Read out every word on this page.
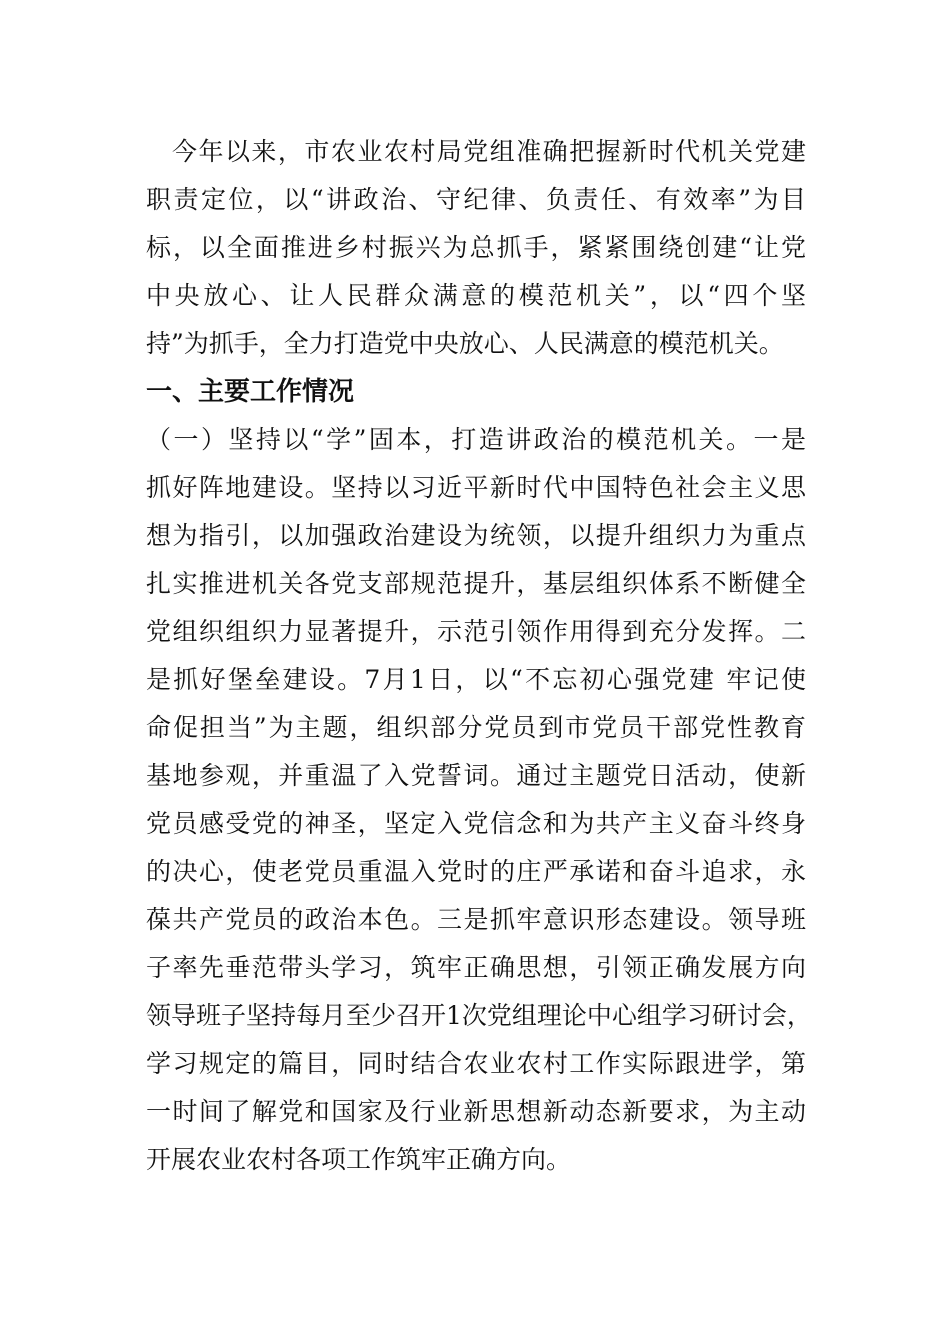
今年以来，市农业农村局党组准确把握新时代机关党建
职责定位，以“讲政治、守纪律、负责任、有效率”为目
标，以全面推进乡村振兴为总抓手，紧紧围绕创建“让党
中央放心、让人民群众满意的模范机关”，以“四个坚
持”为抓手，全力打造党中央放心、人民满意的模范机关。
一、主要工作情况
（一）坚持以“学”固本，打造讲政治的模范机关。一是
抓好阵地建设。坚持以习近平新时代中国特色社会主义思
想为指引，以加强政治建设为统领，以提升组织力为重点
扎实推进机关各党支部规范提升，基层组织体系不断健全
党组织组织力显著提升，示范引领作用得到充分发挥。二
是抓好堡垒建设。7月1日，以“不忘初心强党建 牢记使
命促担当”为主题，组织部分党员到市党员干部党性教育
基地参观，并重温了入党誓词。通过主题党日活动，使新
党员感受党的神圣，坚定入党信念和为共产主义奋斗终身
的决心，使老党员重温入党时的庄严承诺和奋斗追求，永
葆共产党员的政治本色。三是抓牢意识形态建设。领导班
子率先垂范带头学习，筑牢正确思想，引领正确发展方向
领导班子坚持每月至少召开1次党组理论中心组学习研讨会，
学习规定的篇目，同时结合农业农村工作实际跟进学，第
一时间了解党和国家及行业新思想新动态新要求，为主动
开展农业农村各项工作筑牢正确方向。
